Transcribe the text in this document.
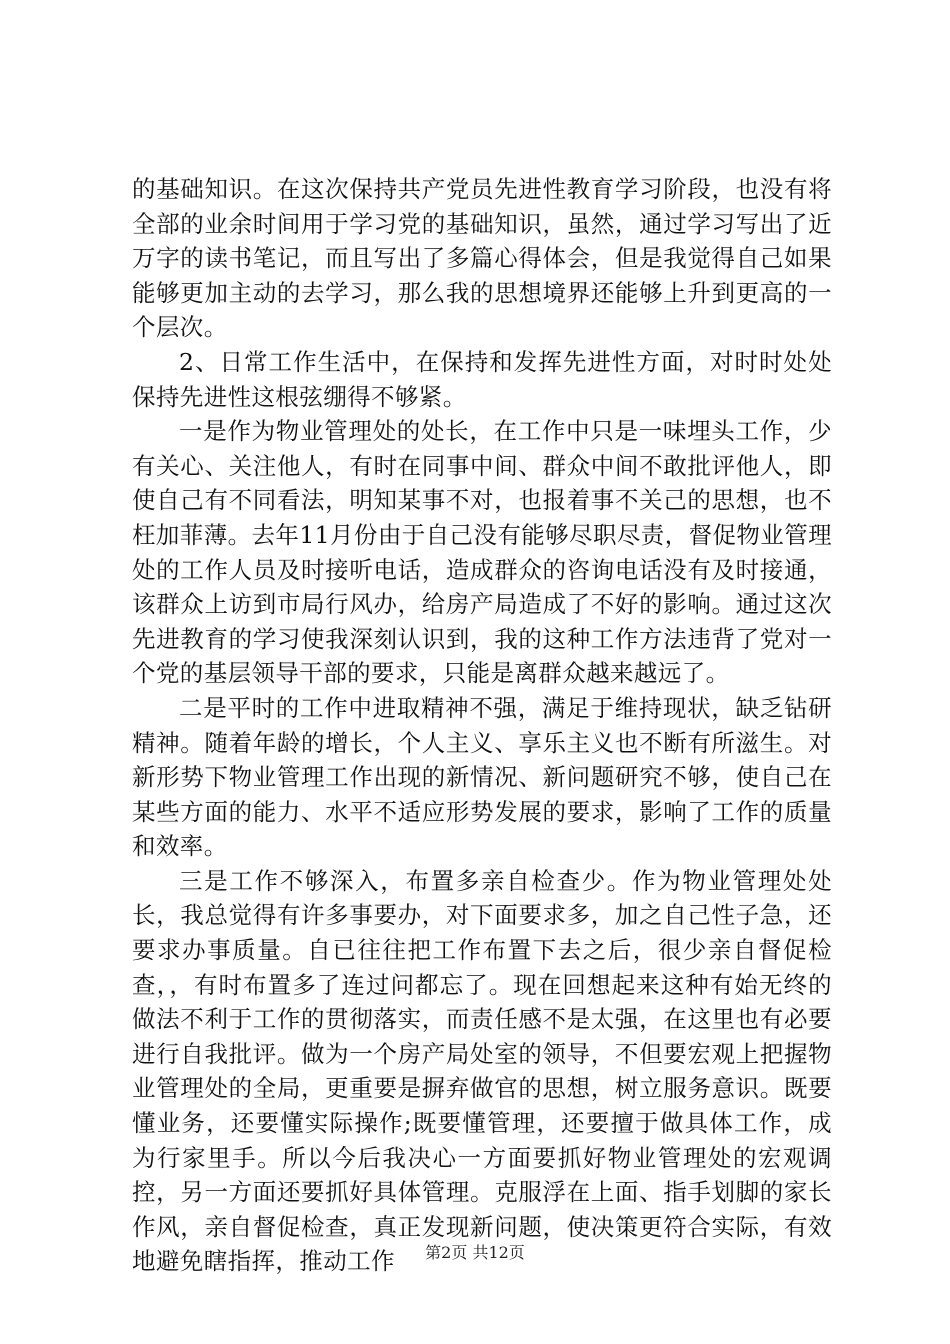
的基础知识。在这次保持共产党员先进性教育学习阶段，也没有将全部的业余时间用于学习党的基础知识，虽然，通过学习写出了近万字的读书笔记，而且写出了多篇心得体会，但是我觉得自己如果能够更加主动的去学习，那么我的思想境界还能够上升到更高的一个层次。

2、日常工作生活中，在保持和发挥先进性方面，对时时处处保持先进性这根弦绷得不够紧。

一是作为物业管理处的处长，在工作中只是一味埋头工作，少有关心、关注他人，有时在同事中间、群众中间不敢批评他人，即使自己有不同看法，明知某事不对，也报着事不关己的思想，也不枉加菲薄。去年11月份由于自己没有能够尽职尽责，督促物业管理处的工作人员及时接听电话，造成群众的咨询电话没有及时接通，该群众上访到市局行风办，给房产局造成了不好的影响。通过这次先进教育的学习使我深刻认识到，我的这种工作方法违背了党对一个党的基层领导干部的要求，只能是离群众越来越远了。

二是平时的工作中进取精神不强，满足于维持现状，缺乏钻研精神。随着年龄的增长，个人主义、享乐主义也不断有所滋生。对新形势下物业管理工作出现的新情况、新问题研究不够，使自己在某些方面的能力、水平不适应形势发展的要求，影响了工作的质量和效率。

三是工作不够深入，布置多亲自检查少。作为物业管理处处长，我总觉得有许多事要办，对下面要求多，加之自己性子急，还要求办事质量。自已往往把工作布置下去之后，很少亲自督促检查，，有时布置多了连过问都忘了。现在回想起来这种有始无终的做法不利于工作的贯彻落实，而责任感不是太强，在这里也有必要进行自我批评。做为一个房产局处室的领导，不但要宏观上把握物业管理处的全局，更重要是摒弃做官的思想，树立服务意识。既要懂业务，还要懂实际操作;既要懂管理，还要擅于做具体工作，成为行家里手。所以今后我决心一方面要抓好物业管理处的宏观调控，另一方面还要抓好具体管理。克服浮在上面、指手划脚的家长作风，亲自督促检查，真正发现新问题，使决策更符合实际，有效地避免瞎指挥，推动工作	第2页 共12页
